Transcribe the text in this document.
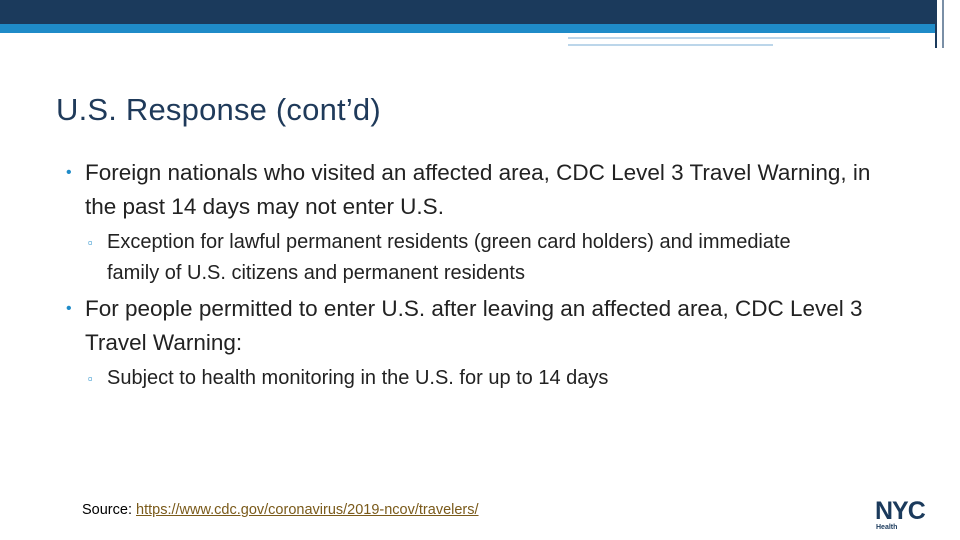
U.S. Response (cont’d)
• Foreign nationals who visited an affected area, CDC Level 3 Travel Warning, in the past 14 days may not enter U.S.
▫ Exception for lawful permanent residents (green card holders) and immediate family of U.S. citizens and permanent residents
• For people permitted to enter U.S. after leaving an affected area, CDC Level 3 Travel Warning:
▫ Subject to health monitoring in the U.S. for up to 14 days
Source: https://www.cdc.gov/coronavirus/2019-ncov/travelers/	NYC
Health
